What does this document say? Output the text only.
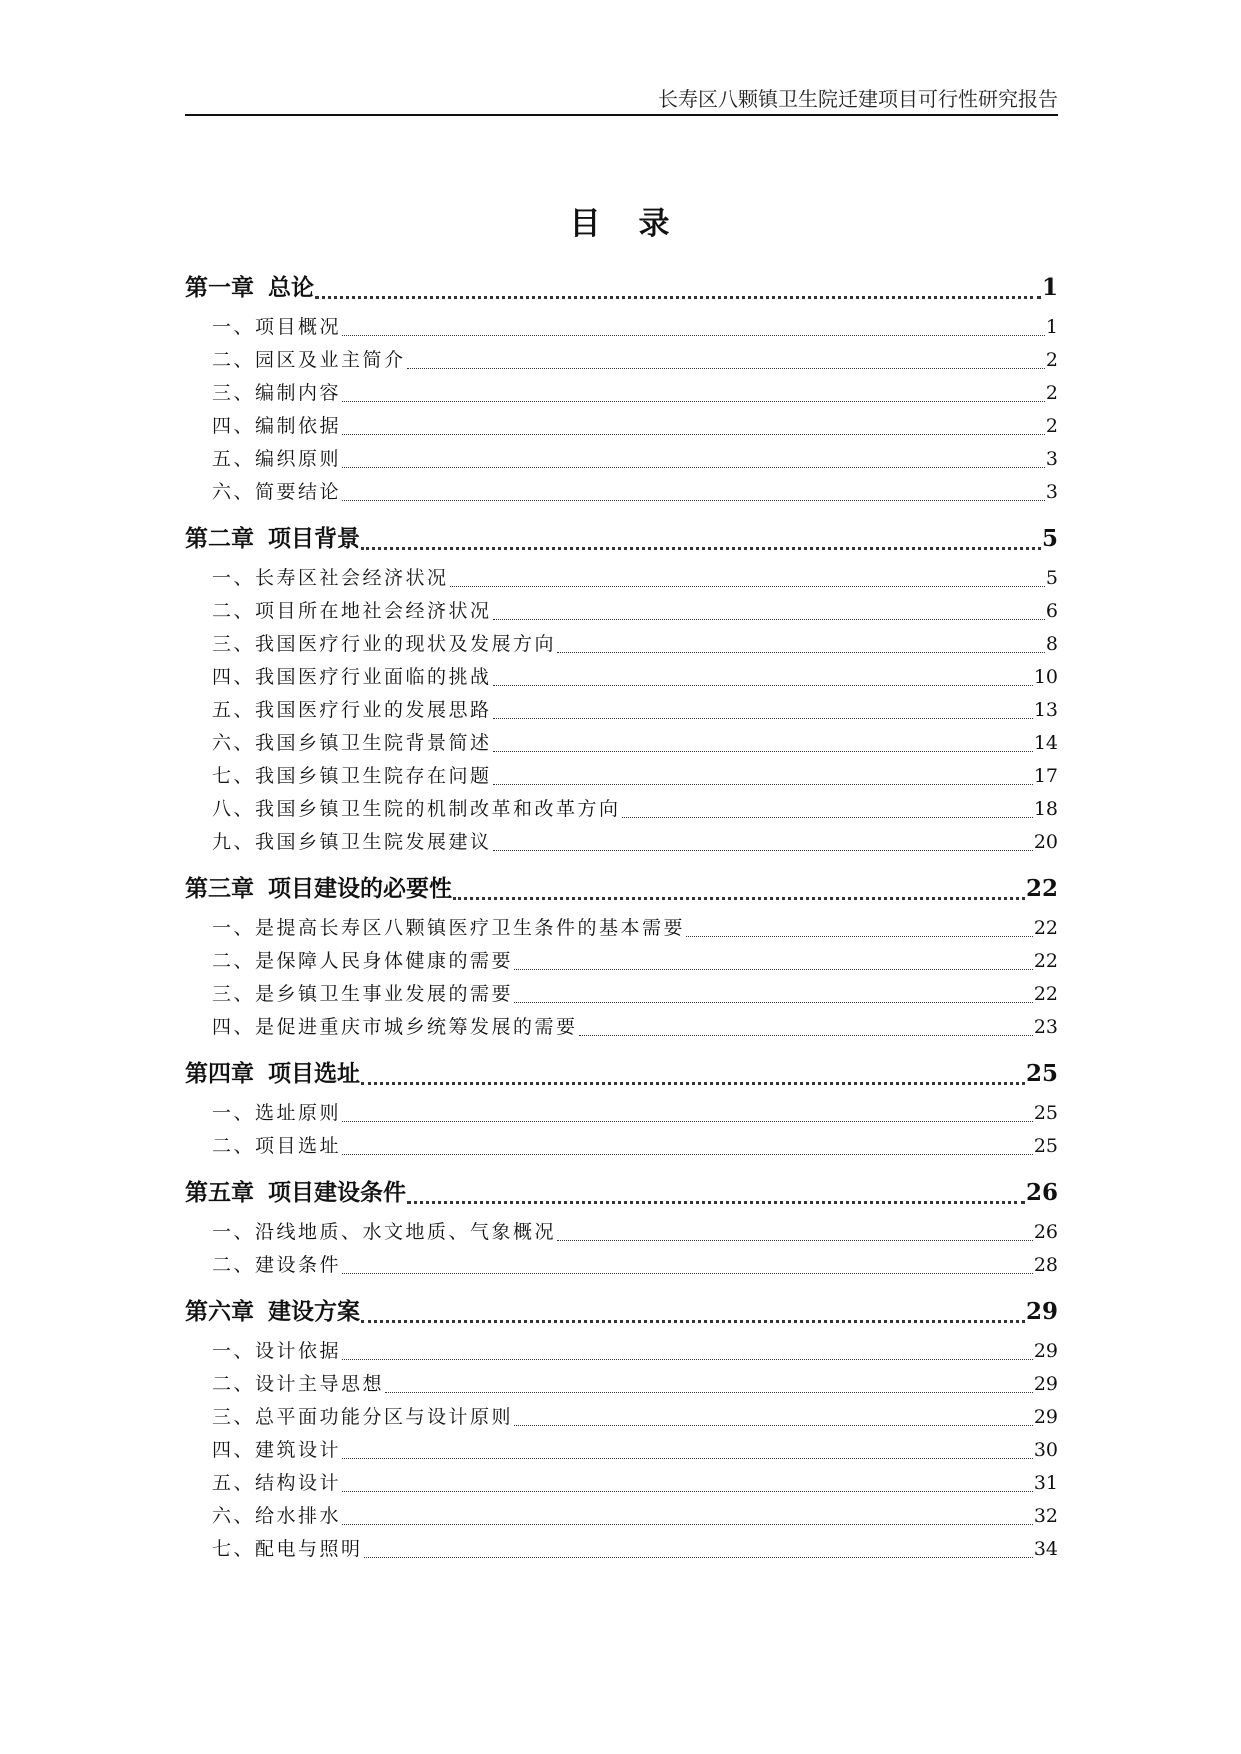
长寿区八颗镇卫生院迁建项目可行性研究报告
目 录
第一章 总论	1
一、项目概况	1
二、园区及业主简介	2
三、编制内容	2
四、编制依据	2
五、编织原则	3
六、简要结论	3
第二章 项目背景	5
一、长寿区社会经济状况	5
二、项目所在地社会经济状况	6
三、我国医疗行业的现状及发展方向	8
四、我国医疗行业面临的挑战	10
五、我国医疗行业的发展思路	13
六、我国乡镇卫生院背景简述	14
七、我国乡镇卫生院存在问题	17
八、我国乡镇卫生院的机制改革和改革方向	18
九、我国乡镇卫生院发展建议	20
第三章 项目建设的必要性	22
一、是提高长寿区八颗镇医疗卫生条件的基本需要	22
二、是保障人民身体健康的需要	22
三、是乡镇卫生事业发展的需要	22
四、是促进重庆市城乡统筹发展的需要	23
第四章 项目选址	25
一、选址原则	25
二、项目选址	25
第五章 项目建设条件	26
一、沿线地质、水文地质、气象概况	26
二、建设条件	28
第六章 建设方案	29
一、设计依据	29
二、设计主导思想	29
三、总平面功能分区与设计原则	29
四、建筑设计	30
五、结构设计	31
六、给水排水	32
七、配电与照明	34
